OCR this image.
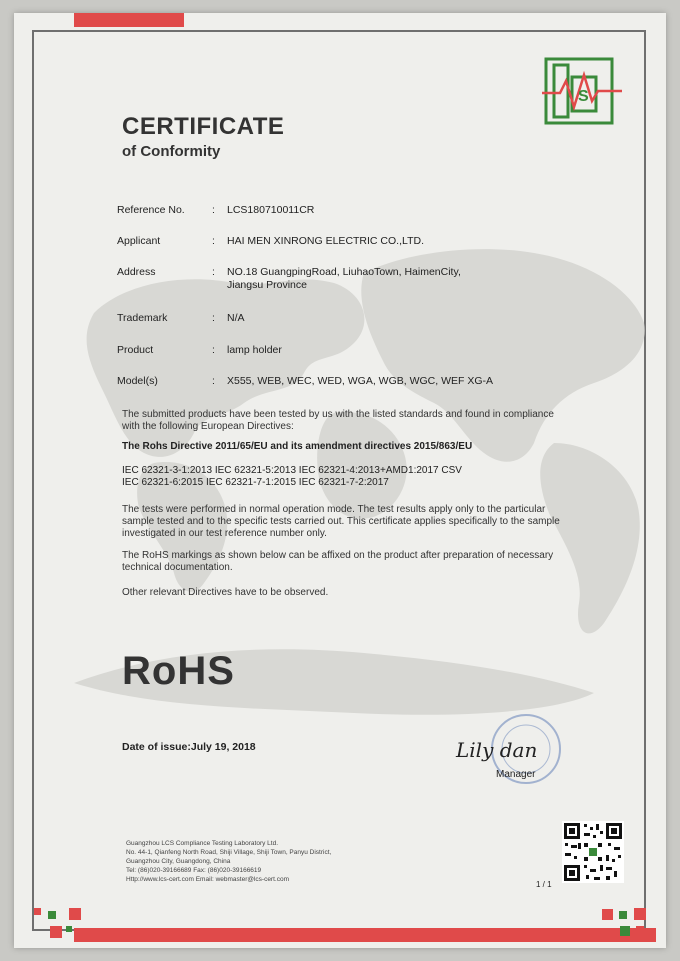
S
CERTIFICATE
of Conformity
Reference No.	: LCS180710011CR
Applicant	: HAI MEN XINRONG ELECTRIC CO.,LTD.
Address	: NO.18 GuangpingRoad, LiuhaoTown, HaimenCity, Jiangsu Province
Trademark	: N/A
Product	: lamp holder
Model(s)	: X555, WEB, WEC, WED, WGA, WGB, WGC, WEF XG-A
The submitted products have been tested by us with the listed standards and found in compliance with the following European Directives:
The Rohs Directive 2011/65/EU and its amendment directives 2015/863/EU
IEC 62321-3-1:2013 IEC 62321-5:2013 IEC 62321-4:2013+AMD1:2017 CSV
IEC 62321-6:2015 IEC 62321-7-1:2015 IEC 62321-7-2:2017
The tests were performed in normal operation mode. The test results apply only to the particular sample tested and to the specific tests carried out. This certificate applies specifically to the sample investigated in our test reference number only.
The RoHS markings as shown below can be affixed on the product after preparation of necessary technical documentation.
Other relevant Directives have to be observed.
RoHS
Date of issue:July 19, 2018	Lily dan
Manager
Guangzhou LCS Compliance Testing Laboratory Ltd.
No. 44-1, Qianfeng North Road, Shiji Village, Shiji Town, Panyu District,
Guangzhou City, Guangdong, China
Tel: (86)020-39166689 Fax: (86)020-39166619
Http://www.lcs-cert.com Email: webmaster@lcs-cert.com
1 / 1
